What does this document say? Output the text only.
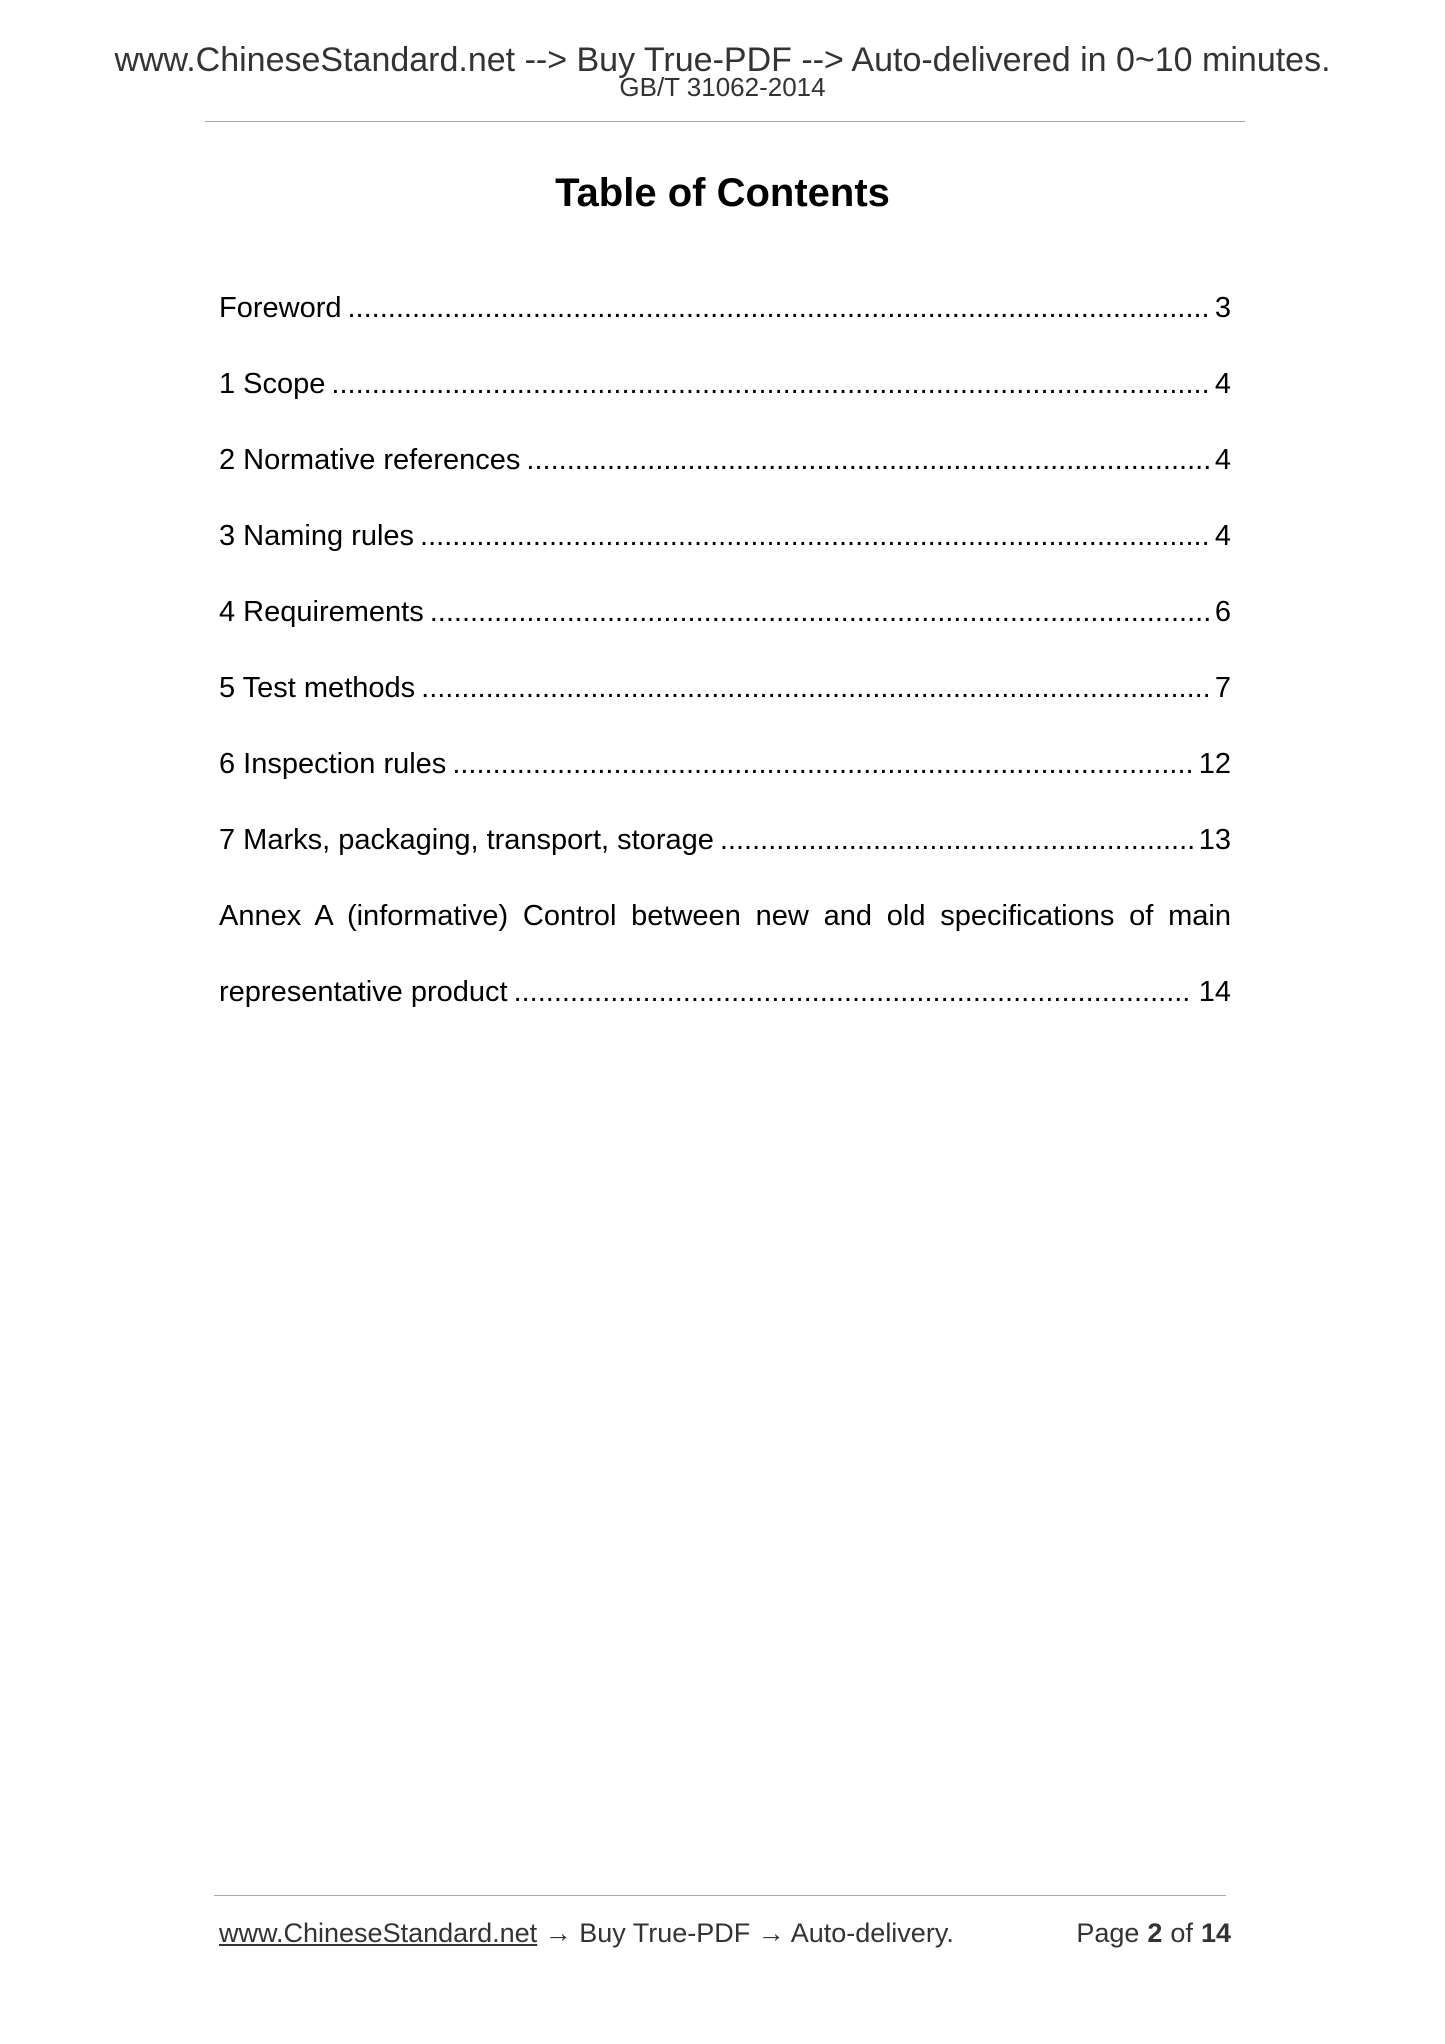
www.ChineseStandard.net --> Buy True-PDF --> Auto-delivered in 0~10 minutes.
GB/T 31062-2014
Table of Contents
Foreword .....	3
1 Scope .....	4
2 Normative references .....	4
3 Naming rules .....	4
4 Requirements .....	6
5 Test methods .....	7
6 Inspection rules .....	12
7 Marks, packaging, transport, storage .....	13
Annex A (informative) Control between new and old specifications of main
representative product .....	14
www.ChineseStandard.net → Buy True-PDF → Auto-delivery.	Page 2 of 14
